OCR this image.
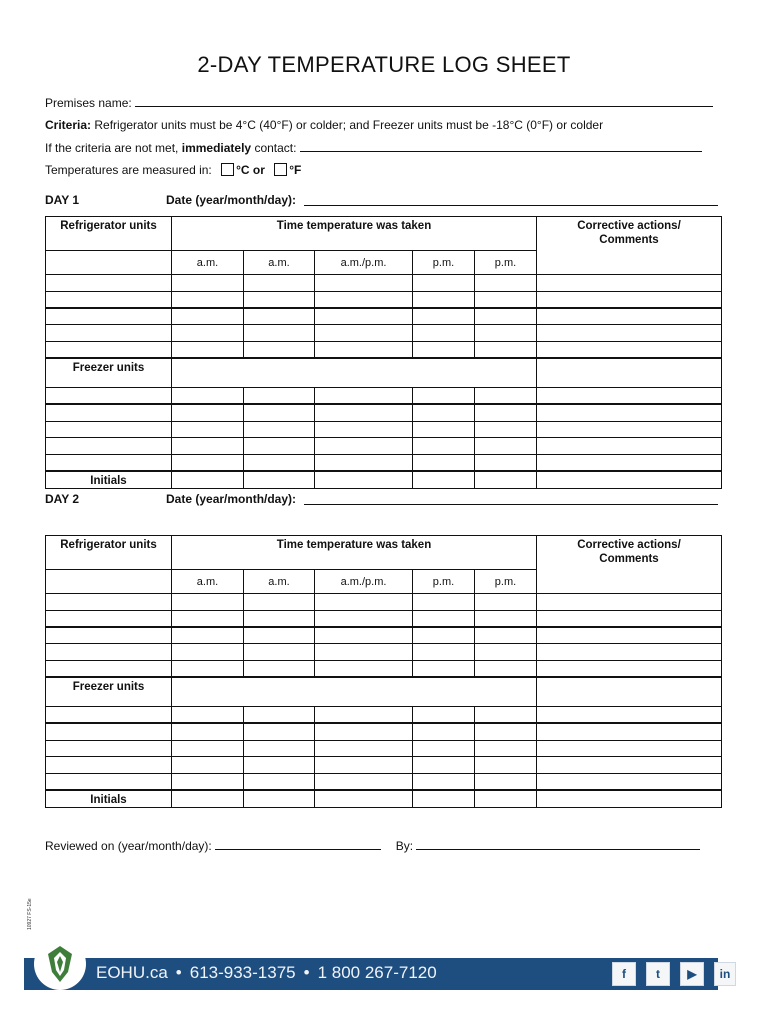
2-DAY TEMPERATURE LOG SHEET
Premises name:
Criteria: Refrigerator units must be 4°C (40°F) or colder; and Freezer units must be -18°C (0°F) or colder
If the criteria are not met, immediately contact:
Temperatures are measured in: °C or °F
DAY 1	Date (year/month/day):
Refrigerator units	Time temperature was taken					Corrective actions/
Comments

	a.m.	a.m.	a.m./p.m.	p.m.	p.m.	

Freezer units						

Initials						
DAY 2	Date (year/month/day):
Refrigerator units	Time temperature was taken					Corrective actions/
Comments

	a.m.	a.m.	a.m./p.m.	p.m.	p.m.	

Freezer units						

Initials						
Reviewed on (year/month/day):	By:
10927 FS-15e
EOHU.ca • 613-933-1375 • 1 800 267-7120	f	t	▶	in
